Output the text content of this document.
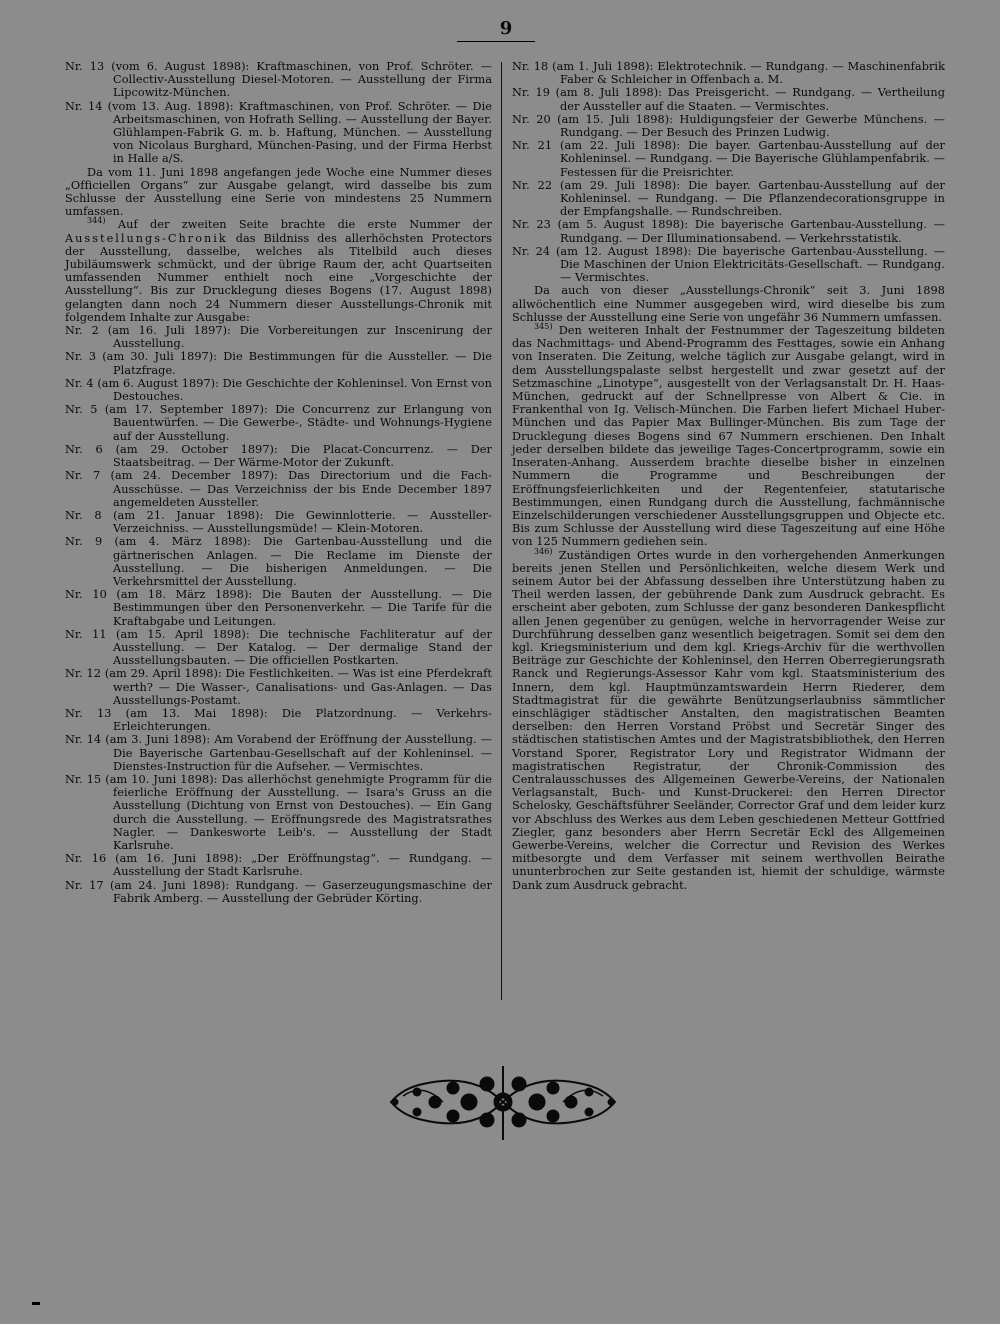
9

Nr. 13 (vom 6. August 1898): Kraftmaschinen, von Prof. Schröter. — Collectiv-Ausstellung Diesel-Motoren. — Ausstellung der Firma Lipcowitz-München.

Nr. 14 (vom 13. Aug. 1898): Kraftmaschinen, von Prof. Schröter. — Die Arbeitsmaschinen, von Hofrath Selling. — Ausstellung der Bayer. Glühlampen-Fabrik G. m. b. Haftung, München. — Ausstellung von Nicolaus Burghard, München-Pasing, und der Firma Herbst in Halle a/S.

Da vom 11. Juni 1898 angefangen jede Woche eine Nummer dieses „Officiellen Organs“ zur Ausgabe gelangt, wird dasselbe bis zum Schlusse der Ausstellung eine Serie von mindestens 25 Nummern umfassen.

$^{344)}$ Auf der zweiten Seite brachte die erste Nummer der Ausstellungs-Chronik das Bildniss des allerhöchsten Protectors der Ausstellung, dasselbe, welches als Titelbild auch dieses Jubiläumswerk schmückt, und der übrige Raum der, acht Quartseiten umfassenden Nummer enthielt noch eine „Vorgeschichte der Ausstellung“. Bis zur Drucklegung dieses Bogens (17. August 1898) gelangten dann noch 24 Nummern dieser Ausstellungs-Chronik mit folgendem Inhalte zur Ausgabe:

Nr. 2 (am 16. Juli 1897): Die Vorbereitungen zur Inscenirung der Ausstellung.

Nr. 3 (am 30. Juli 1897): Die Bestimmungen für die Aussteller. — Die Platzfrage.

Nr. 4 (am 6. August 1897): Die Geschichte der Kohleninsel. Von Ernst von Destouches.

Nr. 5 (am 17. September 1897): Die Concurrenz zur Erlangung von Bauentwürfen. — Die Gewerbe-, Städte- und Wohnungs-Hygiene auf der Ausstellung.

Nr. 6 (am 29. October 1897): Die Placat-Concurrenz. — Der Staatsbeitrag. — Der Wärme-Motor der Zukunft.

Nr. 7 (am 24. December 1897): Das Directorium und die Fach-Ausschüsse. — Das Verzeichniss der bis Ende December 1897 angemeldeten Aussteller.

Nr. 8 (am 21. Januar 1898): Die Gewinnlotterie. — Aussteller-Verzeichniss. — Ausstellungsmüde! — Klein-Motoren.

Nr. 9 (am 4. März 1898): Die Gartenbau-Ausstellung und die gärtnerischen Anlagen. — Die Reclame im Dienste der Ausstellung. — Die bisherigen Anmeldungen. — Die Verkehrsmittel der Ausstellung.

Nr. 10 (am 18. März 1898): Die Bauten der Ausstellung. — Die Bestimmungen über den Personenverkehr. — Die Tarife für die Kraftabgabe und Leitungen.

Nr. 11 (am 15. April 1898): Die technische Fachliteratur auf der Ausstellung. — Der Katalog. — Der dermalige Stand der Ausstellungsbauten. — Die officiellen Postkarten.

Nr. 12 (am 29. April 1898): Die Festlichkeiten. — Was ist eine Pferdekraft werth? — Die Wasser-, Canalisations- und Gas-Anlagen. — Das Ausstellungs-Postamt.

Nr. 13 (am 13. Mai 1898): Die Platzordnung. — Verkehrs-Erleichterungen.

Nr. 14 (am 3. Juni 1898): Am Vorabend der Eröffnung der Ausstellung. — Die Bayerische Gartenbau-Gesellschaft auf der Kohleninsel. — Dienstes-Instruction für die Aufseher. — Vermischtes.

Nr. 15 (am 10. Juni 1898): Das allerhöchst genehmigte Programm für die feierliche Eröffnung der Ausstellung. — Isara's Gruss an die Ausstellung (Dichtung von Ernst von Destouches). — Ein Gang durch die Ausstellung. — Eröffnungsrede des Magistratsrathes Nagler. — Dankesworte Leib's. — Ausstellung der Stadt Karlsruhe.

Nr. 16 (am 16. Juni 1898): „Der Eröffnungstag“. — Rundgang. — Ausstellung der Stadt Karlsruhe.

Nr. 17 (am 24. Juni 1898): Rundgang. — Gaserzeugungsmaschine der Fabrik Amberg. — Ausstellung der Gebrüder Körting.

Nr. 18 (am 1. Juli 1898): Elektrotechnik. — Rundgang. — Maschinenfabrik Faber & Schleicher in Offenbach a. M.

Nr. 19 (am 8. Juli 1898): Das Preisgericht. — Rundgang. — Vertheilung der Aussteller auf die Staaten. — Vermischtes.

Nr. 20 (am 15. Juli 1898): Huldigungsfeier der Gewerbe Münchens. — Rundgang. — Der Besuch des Prinzen Ludwig.

Nr. 21 (am 22. Juli 1898): Die bayer. Gartenbau-Ausstellung auf der Kohleninsel. — Rundgang. — Die Bayerische Glühlampenfabrik. — Festessen für die Preisrichter.

Nr. 22 (am 29. Juli 1898): Die bayer. Gartenbau-Ausstellung auf der Kohleninsel. — Rundgang. — Die Pflanzendecorationsgruppe in der Empfangshalle. — Rundschreiben.

Nr. 23 (am 5. August 1898): Die bayerische Gartenbau-Ausstellung. — Rundgang. — Der Illuminationsabend. — Verkehrsstatistik.

Nr. 24 (am 12. August 1898): Die bayerische Gartenbau-Ausstellung. — Die Maschinen der Union Elektricitäts-Gesellschaft. — Rundgang. — Vermischtes.

Da auch von dieser „Ausstellungs-Chronik“ seit 3. Juni 1898 allwöchentlich eine Nummer ausgegeben wird, wird dieselbe bis zum Schlusse der Ausstellung eine Serie von ungefähr 36 Nummern umfassen.

$^{345)}$ Den weiteren Inhalt der Festnummer der Tageszeitung bildeten das Nachmittags- und Abend-Programm des Festtages, sowie ein Anhang von Inseraten. Die Zeitung, welche täglich zur Ausgabe gelangt, wird in dem Ausstellungspalaste selbst hergestellt und zwar gesetzt auf der Setzmaschine „Linotype“, ausgestellt von der Verlagsanstalt Dr. H. Haas-München, gedruckt auf der Schnellpresse von Albert & Cie. in Frankenthal von Ig. Velisch-München. Die Farben liefert Michael Huber-München und das Papier Max Bullinger-München. Bis zum Tage der Drucklegung dieses Bogens sind 67 Nummern erschienen. Den Inhalt jeder derselben bildete das jeweilige Tages-Concertprogramm, sowie ein Inseraten-Anhang. Ausserdem brachte dieselbe bisher in einzelnen Nummern die Programme und Beschreibungen der Eröffnungsfeierlichkeiten und der Regentenfeier, statutarische Bestimmungen, einen Rundgang durch die Ausstellung, fachmännische Einzelschilderungen verschiedener Ausstellungsgruppen und Objecte etc. Bis zum Schlusse der Ausstellung wird diese Tageszeitung auf eine Höhe von 125 Nummern gediehen sein.

$^{346)}$ Zuständigen Ortes wurde in den vorhergehenden Anmerkungen bereits jenen Stellen und Persönlichkeiten, welche diesem Werk und seinem Autor bei der Abfassung desselben ihre Unterstützung haben zu Theil werden lassen, der gebührende Dank zum Ausdruck gebracht. Es erscheint aber geboten, zum Schlusse der ganz besonderen Dankespflicht allen Jenen gegenüber zu genügen, welche in hervorragender Weise zur Durchführung desselben ganz wesentlich beigetragen. Somit sei dem den kgl. Kriegsministerium und dem kgl. Kriegs-Archiv für die werthvollen Beiträge zur Geschichte der Kohleninsel, den Herren Oberregierungsrath Ranck und Regierungs-Assessor Kahr vom kgl. Staatsministerium des Innern, dem kgl. Hauptmünzamtswardein Herrn Riederer, dem Stadtmagistrat für die gewährte Benützungserlaubniss sämmtlicher einschlägiger städtischer Anstalten, den magistratischen Beamten derselben: den Herren Vorstand Pröbst und Secretär Singer des städtischen statistischen Amtes und der Magistratsbibliothek, den Herren Vorstand Sporer, Registrator Lory und Registrator Widmann der magistratischen Registratur, der Chronik-Commission des Centralausschusses des Allgemeinen Gewerbe-Vereins, der Nationalen Verlagsanstalt, Buch- und Kunst-Druckerei: den Herren Director Schelosky, Geschäftsführer Seeländer, Corrector Graf und dem leider kurz vor Abschluss des Werkes aus dem Leben geschiedenen Metteur Gottfried Ziegler, ganz besonders aber Herrn Secretär Eckl des Allgemeinen Gewerbe-Vereins, welcher die Correctur und Revision des Werkes mitbesorgte und dem Verfasser mit seinem werthvollen Beirathe ununterbrochen zur Seite gestanden ist, hiemit der schuldige, wärmste Dank zum Ausdruck gebracht.
